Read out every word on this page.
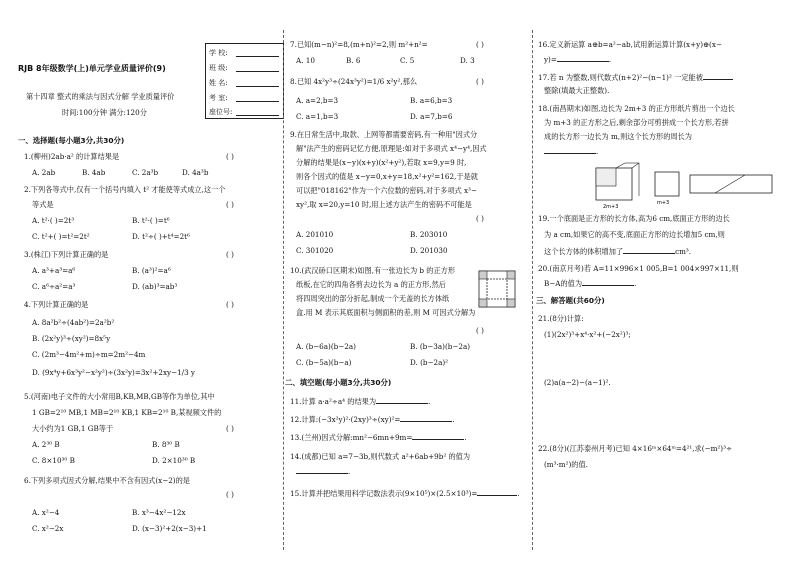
RJB 8年级数学(上)单元学业质量评价(9)
第十四章 整式的乘法与因式分解 学业质量评价
时间:100分钟 满分:120分
学 校:
班 级:
姓 名:
考 室:
座位号:
一、选择题(每小题3分,共30分)
1.(柳州)2ab·a² 的计算结果是	( )
A. 2ab	B. 4ab	C. 2a³b	D. 4a³b
2.下列各等式中,仅有一个括号内填入 t² 才能使等式成立,这一个
等式是	( )
A. t²·( )=2t³	B. t²·( )=t⁶
C. t²+( )=t²=2t²	D. t²÷( )+t⁴=2t⁶
3.(株江)下列计算正确的是	( )
A. a³+a³=a⁶	B. (a³)²=a⁶
C. a⁶÷a²=a³	D. (ab)³=ab³
4.下列计算正确的是	( )
A. 8a²b²÷(4ab²)=2a²b²
B. (2x²y)³÷(xy²)=8x⁵y
C. (2m³−4m²+m)÷m=2m²−4m
D. (9x⁴y+6x³y²−x²y²)÷(3x²y)=3x²+2xy−1/3 y
5.(河南)电子文件的大小常用B,KB,MB,GB等作为单位,其中
1 GB=2¹⁰ MB,1 MB=2¹⁰ KB,1 KB=2¹⁰ B,某视频文件的
大小约为1 GB,1 GB等于	( )
A. 2³⁰ B	B. 8³⁰ B
C. 8×10³⁰ B	D. 2×10³⁰ B
6.下列多项式因式分解,结果中不含有因式(x−2)的是
( )
A. x²−4	B. x³−4x²−12x
C. x²−2x	D. (x−3)²+2(x−3)+1
7.已知(m−n)²=8,(m+n)²=2,则 m²+n²=	( )
A. 10	B. 6	C. 5	D. 3
8.已知 4x²y³÷(24x³y²)=1/6 x²y²,那么	( )
A. a=2,b=3	B. a=6,b=3
C. a=1,b=3	D. a=7,b=6
9.在日常生活中,取款、上网等都需要密码,有一种用"因式分
解"法产生的密码记忆方便,原理是:如对于多项式 x⁴−y⁴,因式
分解的结果是(x−y)(x+y)(x²+y²),若取 x=9,y=9 时,
则各个因式的值是 x−y=0,x+y=18,x²+y²=162,于是就
可以把"018162"作为一个六位数的密码,对于多项式 x³−
xy²,取 x=20,y=10 时,用上述方法产生的密码不可能是
( )
A. 201010	B. 203010
C. 301020	D. 201030
10.(武汉硚口区期末)如图,有一张边长为 b 的正方形
纸板,在它的四角各剪去边长为 a 的正方形,然后
将四周突出的部分折起,制成一个无盖的长方体纸
盒.用 M 表示其底面积与侧面积的差,则 M 可因式分解为
( )
A. (b−6a)(b−2a)	B. (b−3a)(b−2a)
C. (b−5a)(b−a)	D. (b−2a)²
二、填空题(每小题3分,共30分)
11.计算 a·a²÷a⁴ 的结果为	.
12.计算:(−3x²y)²·(2xy)³÷(xy)²=	.
13.(兰州)因式分解:mn²−6mn+9m=	.
14.(成都)已知 a=7−3b,则代数式 a²+6ab+9b² 的值为
.
15.计算并把结果用科学记数法表示(9×10⁵)×(2.5×10³)=	.
16.定义新运算 a⊕b=a²−ab,试用新运算计算(x+y)⊕(x−
y)=	.
17.若 n 为整数,则代数式(n+2)²−(n−1)² 一定能被
整除(填最大正整数).
18.(南昌期末)如图,边长为 2m+3 的正方形纸片剪出一个边长
为 m+3 的正方形之后,剩余部分可剪拼成一个长方形,若拼
成的长方形一边长为 m,则这个长方形的周长为
.
2m+3
m+3
19.一个底面是正方形的长方体,高为6 cm,底面正方形的边长
为 a cm,如果它的高不变,底面正方形的边长增加5 cm,则
这个长方体的体积增加了	cm³.
20.(南京月考)若 A=11×996×1 005,B=1 004×997×11,则
B−A的值为	.
三、解答题(共60分)
21.(8分)计算:
(1)(2x²)³+x⁴·x²+(−2x²)³;
(2)a(a−2)−(a−1)².
22.(8分)(江苏泰州月考)已知 4×16ᵐ×64ᵐ=4²¹,求(−m²)³÷
(m³·m²)的值.
